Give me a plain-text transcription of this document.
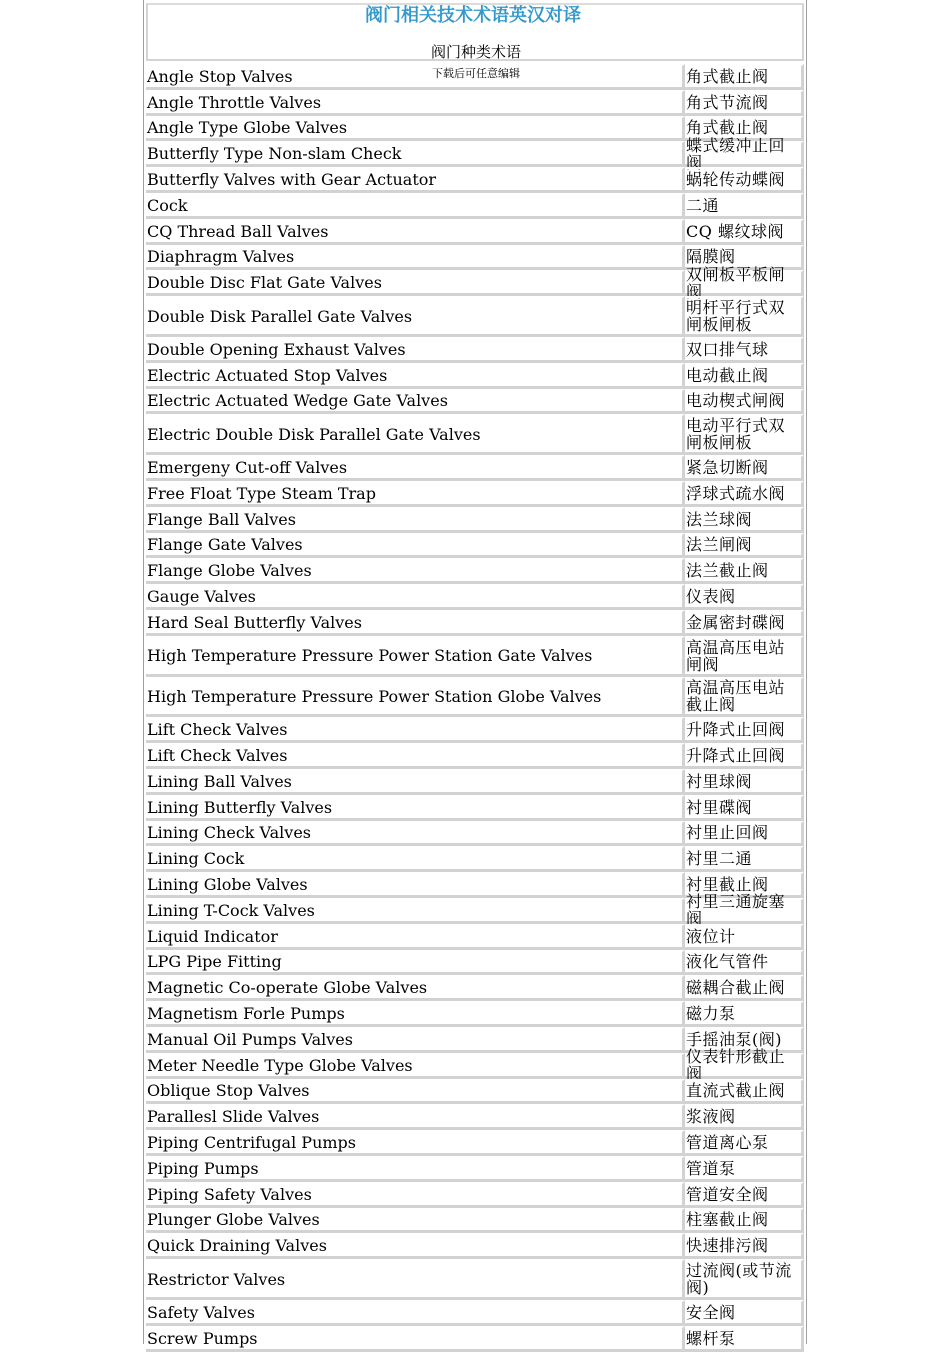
阀门相关技术术语英汉对译
阀门种类术语
Angle Stop Valves	角式截止阀
Angle Throttle Valves	角式节流阀
Angle Type Globe Valves	角式截止阀
Butterfly Type Non-slam Check	蝶式缓冲止回阀
Butterfly Valves with Gear Actuator	蜗轮传动蝶阀
Cock	二通
CQ Thread Ball Valves	CQ 螺纹球阀
Diaphragm Valves	隔膜阀
Double Disc Flat Gate Valves	双闸板平板闸阀
Double Disk Parallel Gate Valves	明杆平行式双闸板闸板
Double Opening Exhaust Valves	双口排气球
Electric Actuated Stop Valves	电动截止阀
Electric Actuated Wedge Gate Valves	电动楔式闸阀
Electric Double Disk Parallel Gate Valves	电动平行式双闸板闸板
Emergeny Cut-off Valves	紧急切断阀
Free Float Type Steam Trap	浮球式疏水阀
Flange Ball Valves	法兰球阀
Flange Gate Valves	法兰闸阀
Flange Globe Valves	法兰截止阀
Gauge Valves	仪表阀
Hard Seal Butterfly Valves	金属密封碟阀
High Temperature Pressure Power Station Gate Valves	高温高压电站闸阀
High Temperature Pressure Power Station Globe Valves	高温高压电站截止阀
Lift Check Valves	升降式止回阀
Lift Check Valves	升降式止回阀
Lining Ball Valves	衬里球阀
Lining Butterfly Valves	衬里碟阀
Lining Check Valves	衬里止回阀
Lining Cock	衬里二通
Lining Globe Valves	衬里截止阀
Lining T-Cock Valves	衬里三通旋塞阀
Liquid Indicator	液位计
LPG Pipe Fitting	液化气管件
Magnetic Co-operate Globe Valves	磁耦合截止阀
Magnetism Forle Pumps	磁力泵
Manual Oil Pumps Valves	手摇油泵(阀)
Meter Needle Type Globe Valves	仪表针形截止阀
Oblique Stop Valves	直流式截止阀
Parallesl Slide Valves	浆液阀
Piping Centrifugal Pumps	管道离心泵
Piping Pumps	管道泵
Piping Safety Valves	管道安全阀
Plunger Globe Valves	柱塞截止阀
Quick Draining Valves	快速排污阀
Restrictor Valves	过流阀(或节流阀)
Safety Valves	安全阀
Screw Pumps	螺杆泵
下载后可任意编辑
